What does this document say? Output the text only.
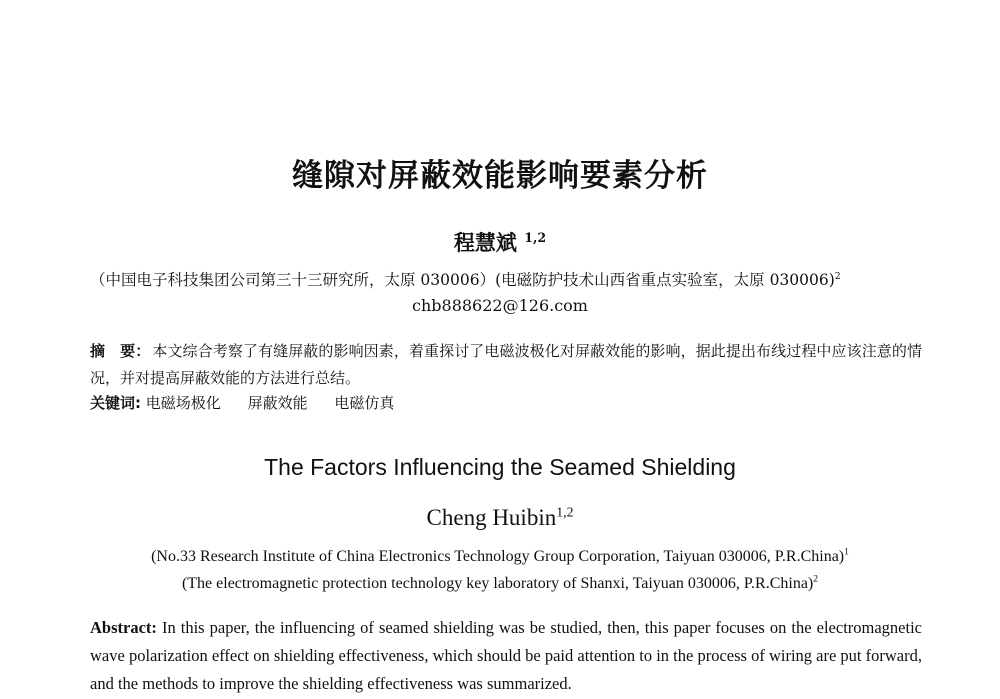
缝隙对屏蔽效能影响要素分析
程慧斌 $^{1,2}$
（中国电子科技集团公司第三十三研究所，太原 030006）(电磁防护技术山西省重点实验室，太原 030006)$^2$
chb888622@126.com
摘　要： 本文综合考察了有缝屏蔽的影响因素，着重探讨了电磁波极化对屏蔽效能的影响，据此提出布线过程中应该注意的情况，并对提高屏蔽效能的方法进行总结。
关键词: 电磁场极化 屏蔽效能 电磁仿真
The Factors Influencing the Seamed Shielding
Cheng Huibin$^{1,2}$
(No.33 Research Institute of China Electronics Technology Group Corporation, Taiyuan 030006, P.R.China)$^1$
(The electromagnetic protection technology key laboratory of Shanxi, Taiyuan 030006, P.R.China)$^2$
Abstract: In this paper, the influencing of seamed shielding was be studied, then, this paper focuses on the electromagnetic wave polarization effect on shielding effectiveness, which should be paid attention to in the process of wiring are put forward, and the methods to improve the shielding effectiveness was summarized.
